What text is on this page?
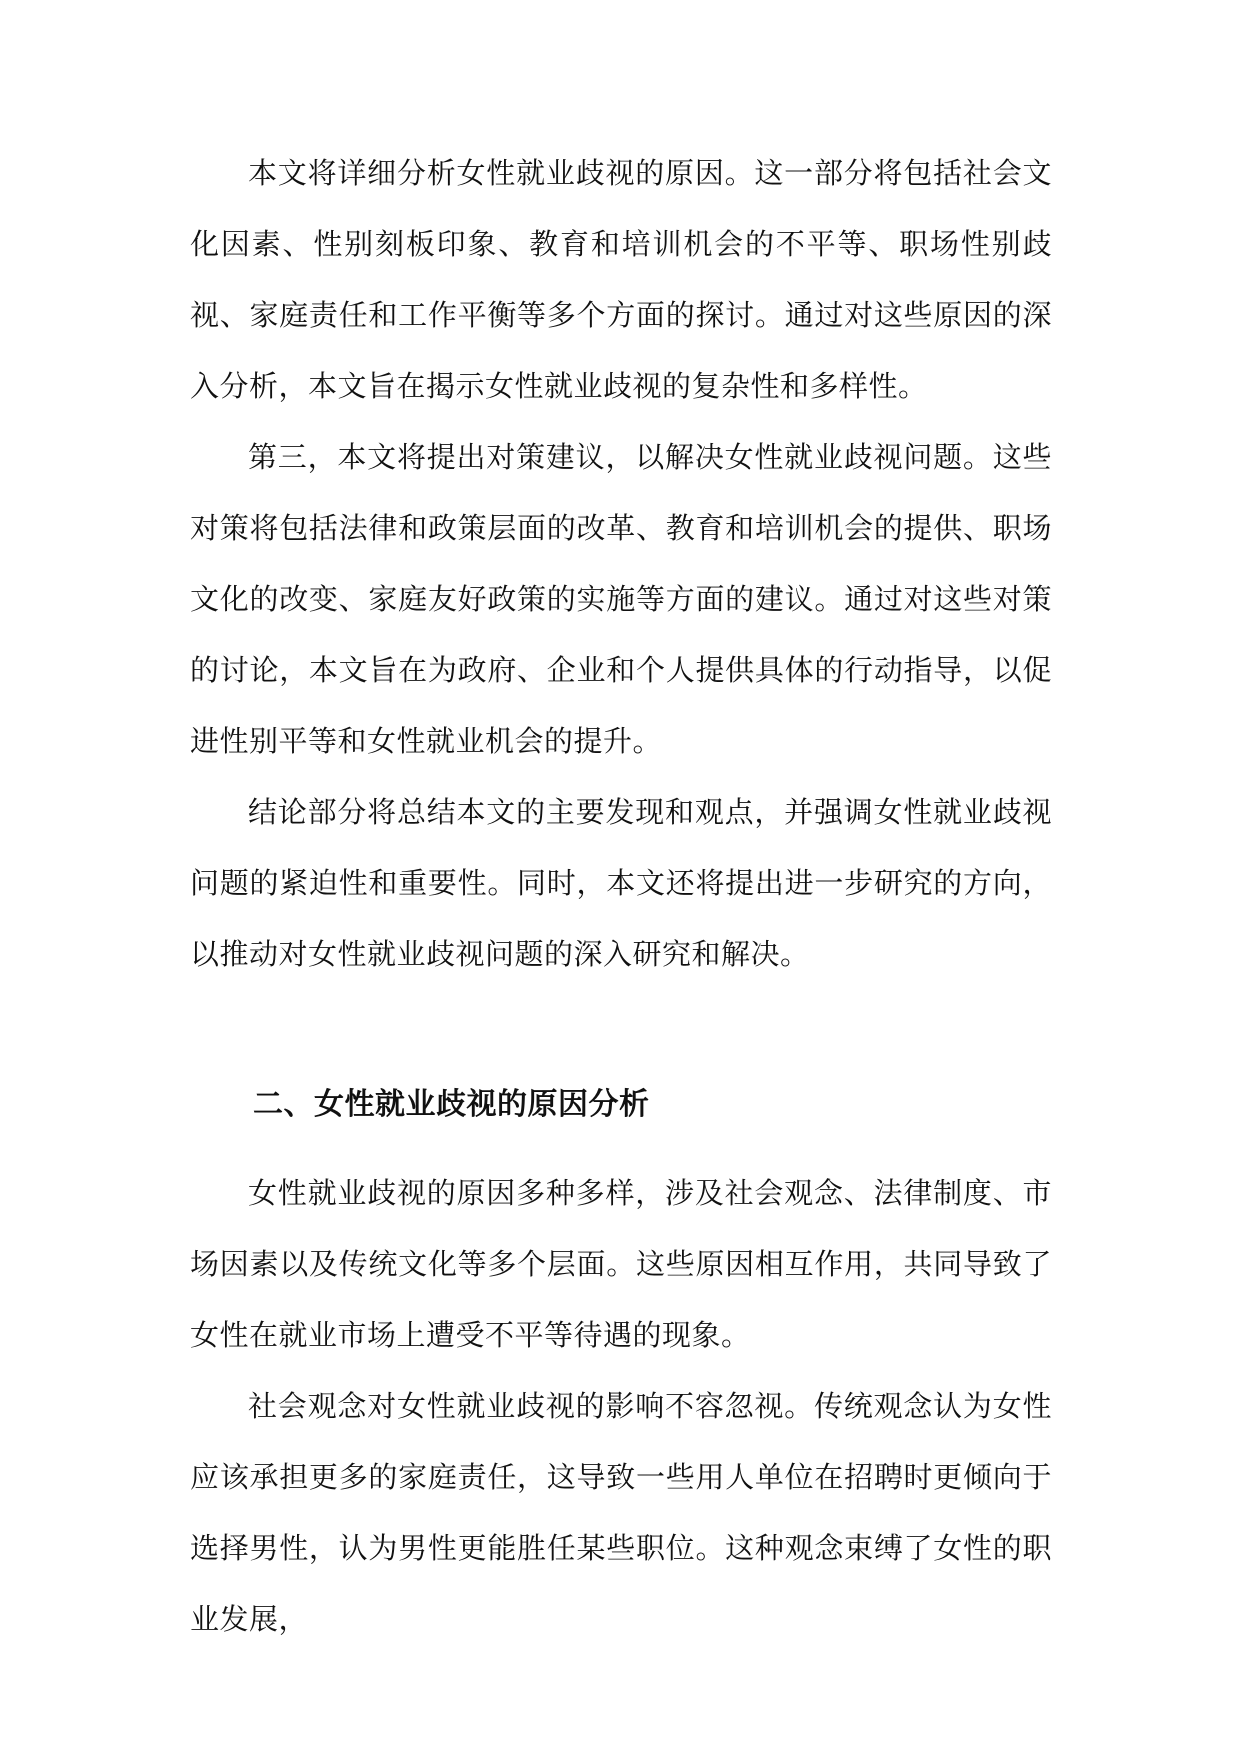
本文将详细分析女性就业歧视的原因。这一部分将包括社会文化因素、性别刻板印象、教育和培训机会的不平等、职场性别歧视、家庭责任和工作平衡等多个方面的探讨。通过对这些原因的深入分析，本文旨在揭示女性就业歧视的复杂性和多样性。

第三，本文将提出对策建议，以解决女性就业歧视问题。这些对策将包括法律和政策层面的改革、教育和培训机会的提供、职场文化的改变、家庭友好政策的实施等方面的建议。通过对这些对策的讨论，本文旨在为政府、企业和个人提供具体的行动指导，以促进性别平等和女性就业机会的提升。

结论部分将总结本文的主要发现和观点，并强调女性就业歧视问题的紧迫性和重要性。同时，本文还将提出进一步研究的方向，以推动对女性就业歧视问题的深入研究和解决。

二、女性就业歧视的原因分析

女性就业歧视的原因多种多样，涉及社会观念、法律制度、市场因素以及传统文化等多个层面。这些原因相互作用，共同导致了女性在就业市场上遭受不平等待遇的现象。

社会观念对女性就业歧视的影响不容忽视。传统观念认为女性应该承担更多的家庭责任，这导致一些用人单位在招聘时更倾向于选择男性，认为男性更能胜任某些职位。这种观念束缚了女性的职业发展，
